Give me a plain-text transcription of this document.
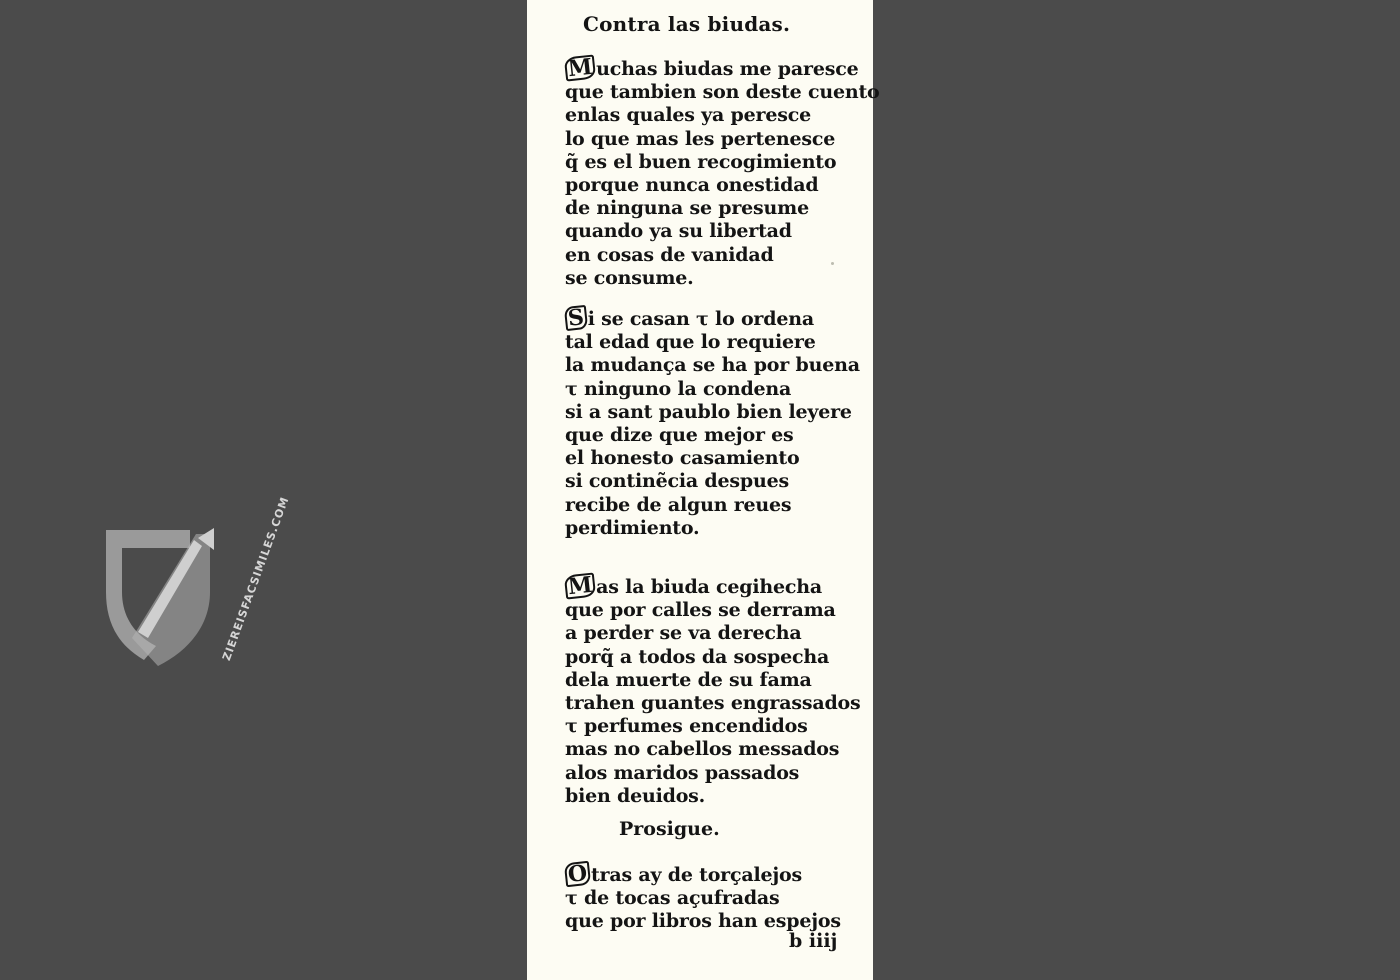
ZIEREISFACSIMILES.COM
Contra las biudas.
M uchas biudas me paresce
que tambien son deste cuento
enlas quales ya peresce
lo que mas les pertenesce
q̃ es el buen recogimiento
porque nunca onestidad
de ninguna se presume
quando ya su libertad
en cosas de vanidad
se consume.
S i se casan τ lo ordena
tal edad que lo requiere
la mudança se ha por buena
τ ninguno la condena
si a sant paublo bien leyere
que dize que mejor es
el honesto casamiento
si continẽcia despues
recibe de algun reues
perdimiento.
M as la biuda cegihecha
que por calles se derrama
a perder se va derecha
porq̃ a todos da sospecha
dela muerte de su fama
trahen guantes engrassados
τ perfumes encendidos
mas no cabellos messados
alos maridos passados
bien deuidos.
Prosigue.
O tras ay de torçalejos
τ de tocas açufradas
que por libros han espejos
b iiij
